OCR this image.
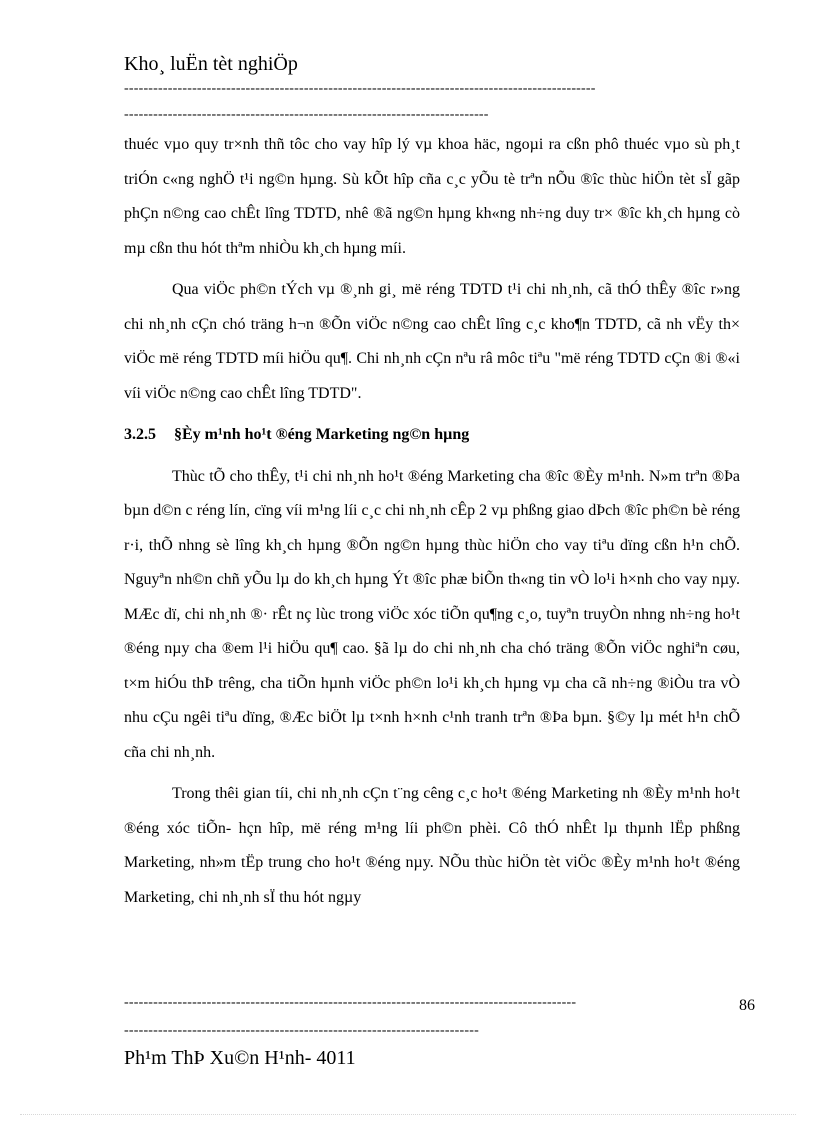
Kho¸ luËn tèt nghiÖp
-------------------------------------------------------------------------------------------------
---------------------------------------------------------------------------

thuéc vµo quy tr×nh thñ tôc cho vay hîp lý vµ khoa häc, ngoµi ra cßn phô thuéc vµo sù ph¸t triÓn c«ng nghÖ t¹i ng©n hµng. Sù kÕt hîp cña c¸c yÕu tè trªn nÕu ®îc thùc hiÖn tèt sÏ gãp phÇn n©ng cao chÊt lîng TDTD, nhê ®ã ng©n hµng kh«ng nh÷ng duy tr× ®îc kh¸ch hµng cò mµ cßn thu hót thªm nhiÒu kh¸ch hµng míi.

Qua viÖc ph©n tÝch vµ ®¸nh gi¸ më réng TDTD t¹i chi nh¸nh, cã thÓ thÊy ®îc r»ng chi nh¸nh cÇn chó träng h¬n ®Õn viÖc n©ng cao chÊt lîng c¸c kho¶n TDTD, cã nh vËy th× viÖc më réng TDTD míi hiÖu qu¶. Chi nh¸nh cÇn nªu râ môc tiªu "më réng TDTD cÇn ®i ®«i víi viÖc n©ng cao chÊt lîng TDTD".

3.2.5 §Èy m¹nh ho¹t ®éng Marketing ng©n hµng

Thùc tÕ cho thÊy, t¹i chi nh¸nh ho¹t ®éng Marketing cha ®îc ®Èy m¹nh. N»m trªn ®Þa bµn d©n c réng lín, cïng víi m¹ng líi c¸c chi nh¸nh cÊp 2 vµ phßng giao dÞch ®îc ph©n bè réng r·i, thÕ nhng sè lîng kh¸ch hµng ®Õn ng©n hµng thùc hiÖn cho vay tiªu dïng cßn h¹n chÕ. Nguyªn nh©n chñ yÕu lµ do kh¸ch hµng Ýt ®îc phæ biÕn th«ng tin vÒ lo¹i h×nh cho vay nµy. MÆc dï, chi nh¸nh ®· rÊt nç lùc trong viÖc xóc tiÕn qu¶ng c¸o, tuyªn truyÒn nhng nh÷ng ho¹t ®éng nµy cha ®em l¹i hiÖu qu¶ cao. §ã lµ do chi nh¸nh cha chó träng ®Õn viÖc nghiªn cøu, t×m hiÓu thÞ trêng, cha tiÕn hµnh viÖc ph©n lo¹i kh¸ch hµng vµ cha cã nh÷ng ®iÒu tra vÒ nhu cÇu ngêi tiªu dïng, ®Æc biÖt lµ t×nh h×nh c¹nh tranh trªn ®Þa bµn. §©y lµ mét h¹n chÕ cña chi nh¸nh.

Trong thêi gian tíi, chi nh¸nh cÇn t¨ng cêng c¸c ho¹t ®éng Marketing nh ®Èy m¹nh ho¹t ®éng xóc tiÕn- hçn hîp, më réng m¹ng líi ph©n phèi. Cô thÓ nhÊt lµ thµnh lËp phßng Marketing, nh»m tËp trung cho ho¹t ®éng nµy. NÕu thùc hiÖn tèt viÖc ®Èy m¹nh ho¹t ®éng Marketing, chi nh¸nh sÏ thu hót ngµy

---------------------------------------------------------------------------------------------	86
-------------------------------------------------------------------------
Ph¹m ThÞ Xu©n H¹nh- 4011
